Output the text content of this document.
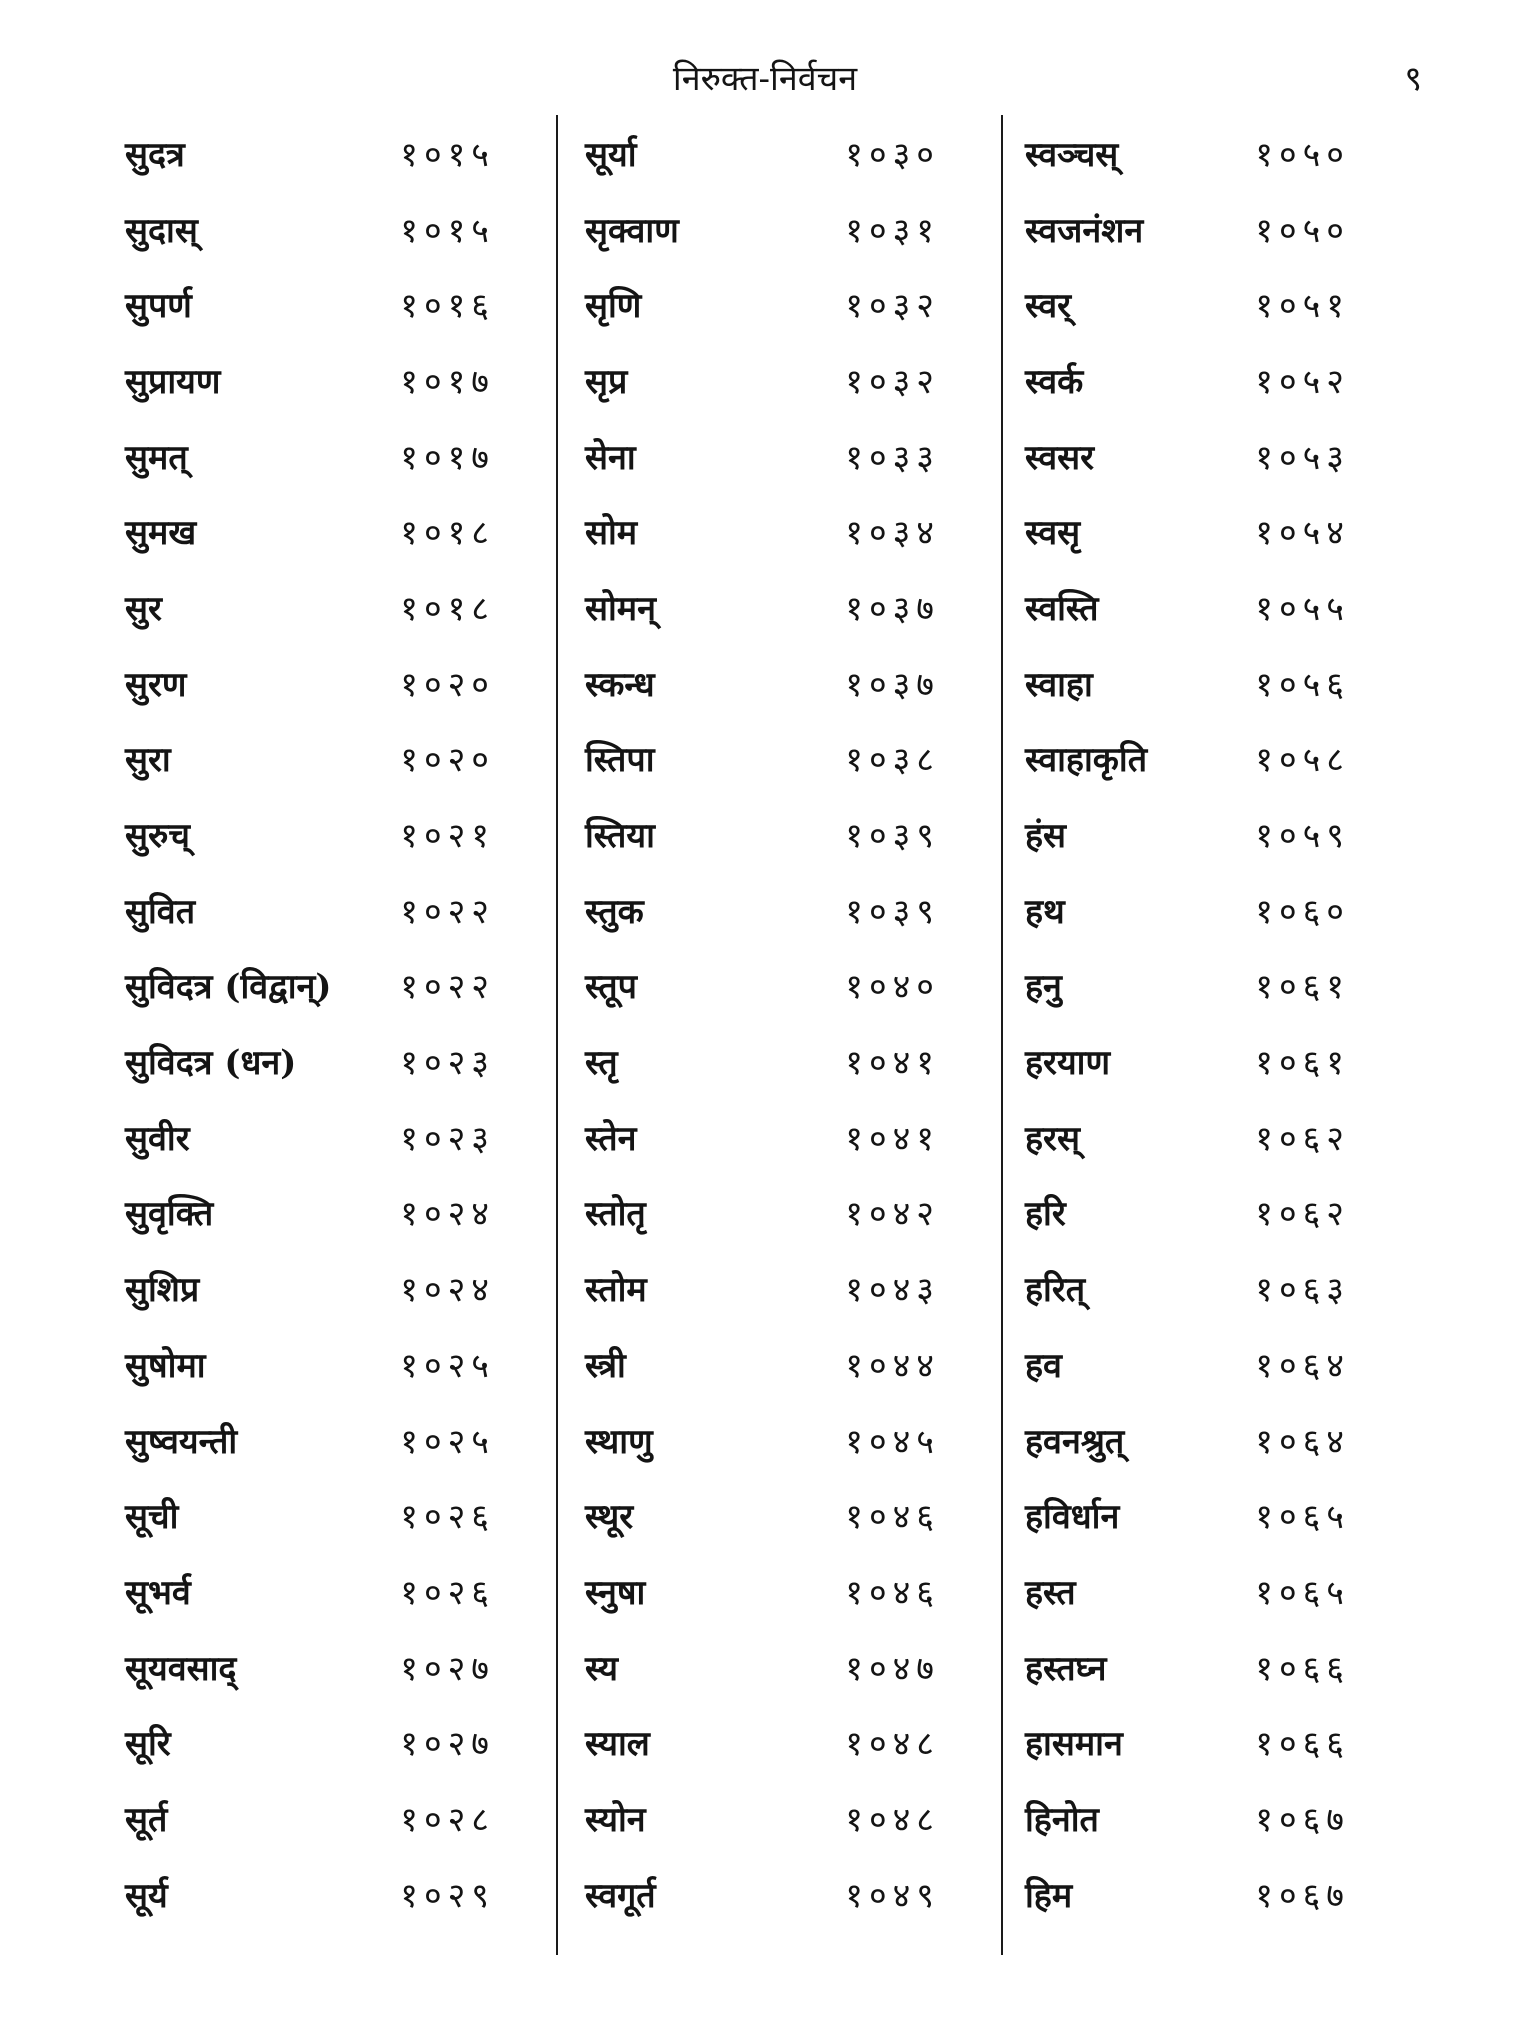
निरुक्त-निर्वचन	९
सुदत्र	१०१५
सुदास्	१०१५
सुपर्ण	१०१६
सुप्रायण	१०१७
सुमत्	१०१७
सुमख	१०१८
सुर	१०१८
सुरण	१०२०
सुरा	१०२०
सुरुच्	१०२१
सुवित	१०२२
सुविदत्र (विद्वान्) १०२२
सुविदत्र (धन)	१०२३
सुवीर	१०२३
सुवृक्ति	१०२४
सुशिप्र	१०२४
सुषोमा	१०२५
सुष्वयन्ती	१०२५
सूची	१०२६
सूभर्व	१०२६
सूयवसाद्	१०२७
सूरि	१०२७
सूर्त	१०२८
सूर्य	१०२९
सूर्या	१०३०
सृक्वाण	१०३१
सृणि	१०३२
सृप्र	१०३२
सेना	१०३३
सोम	१०३४
सोमन्	१०३७
स्कन्ध	१०३७
स्तिपा	१०३८
स्तिया	१०३९
स्तुक	१०३९
स्तूप	१०४०
स्तृ	१०४१
स्तेन	१०४१
स्तोतृ	१०४२
स्तोम	१०४३
स्त्री	१०४४
स्थाणु	१०४५
स्थूर	१०४६
स्नुषा	१०४६
स्य	१०४७
स्याल	१०४८
स्योन	१०४८
स्वगूर्त	१०४९
स्वञ्चस्	१०५०
स्वजनंशन	१०५०
स्वर्	१०५१
स्वर्क	१०५२
स्वसर	१०५३
स्वसृ	१०५४
स्वस्ति	१०५५
स्वाहा	१०५६
स्वाहाकृति	१०५८
हंस	१०५९
हथ	१०६०
हनु	१०६१
हरयाण	१०६१
हरस्	१०६२
हरि	१०६२
हरित्	१०६३
हव	१०६४
हवनश्रुत्	१०६४
हविर्धान	१०६५
हस्त	१०६५
हस्तघ्न	१०६६
हासमान	१०६६
हिनोत	१०६७
हिम	१०६७
